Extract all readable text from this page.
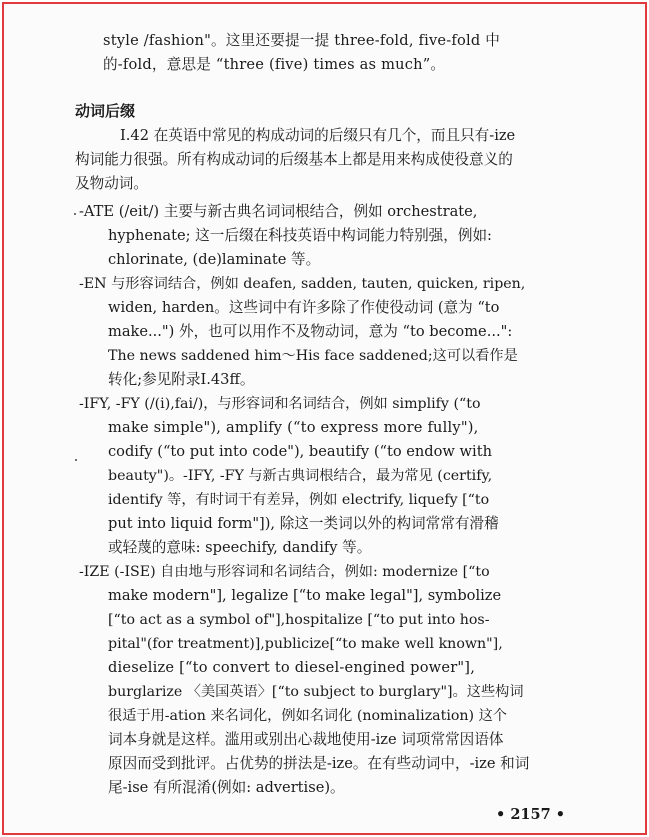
style /fashion"。这里还要提一提 three-fold, five-fold 中

的-fold，意思是 “three (five) times as much”。

动词后缀

Ⅰ.42 在英语中常见的构成动词的后缀只有几个，而且只有-ize

构词能力很强。所有构成动词的后缀基本上都是用来构成使役意义的

及物动词。

-ATE (/eit/) 主要与新古典名词词根结合，例如 orchestrate,

hyphenate; 这一后缀在科技英语中构词能力特别强，例如:

chlorinate, (de)laminate 等。

-EN 与形容词结合，例如 deafen, sadden, tauten, quicken, ripen,

widen, harden。这些词中有许多除了作使役动词 (意为 “to

make...") 外，也可以用作不及物动词，意为 “to become...":

The news saddened him～His face saddened;这可以看作是

转化;参见附录Ⅰ.43ff。

-IFY, -FY (/(i),fai/)，与形容词和名词结合，例如 simplify (“to

make simple"), amplify (“to express more fully"),

codify (“to put into code"), beautify (“to endow with

beauty")。-IFY, -FY 与新古典词根结合，最为常见 (certify,

identify 等，有时词干有差异，例如 electrify, liquefy [“to

put into liquid form"]), 除这一类词以外的构词常常有滑稽

或轻蔑的意味: speechify, dandify 等。

-IZE (-ISE) 自由地与形容词和名词结合，例如: modernize [“to

make modern"], legalize [“to make legal"], symbolize

[“to act as a symbol of"],hospitalize [“to put into hos-

pital"(for treatment)],publicize[“to make well known"],

dieselize [“to convert to diesel-engined power"],

burglarize 〈美国英语〉[“to subject to burglary"]。这些构词

很适于用-ation 来名词化，例如名词化 (nominalization) 这个

词本身就是这样。滥用或别出心裁地使用-ize 词项常常因语体

原因而受到批评。占优势的拼法是-ize。在有些动词中，-ize 和词

尾-ise 有所混淆(例如: advertise)。

• 2157 •
